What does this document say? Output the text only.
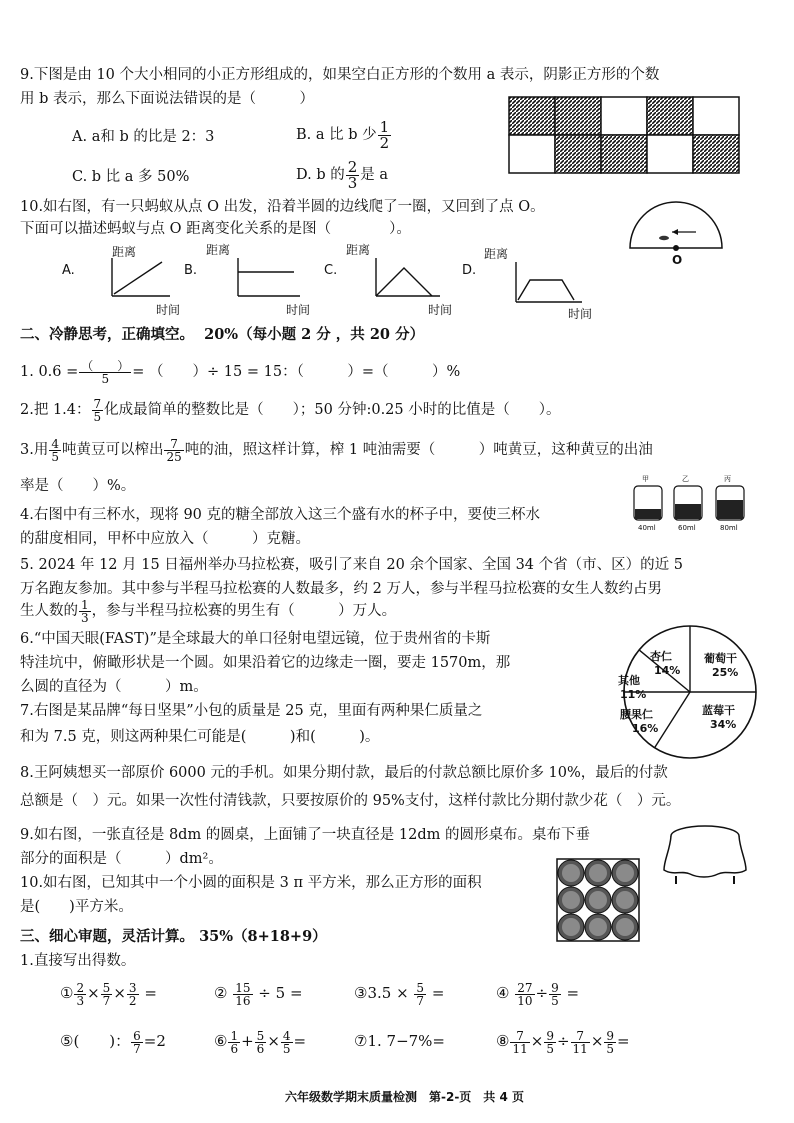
9.下图是由 10 个大小相同的小正方形组成的，如果空白正方形的个数用 a 表示，阴影正方形的个数
用 b 表示，那么下面说法错误的是（　　　）
A. a和 b 的比是 2：3	B. a 比 b 少 $\frac{1}{2}$
C. b 比 a 多 50%	D. b 的 $\frac{2}{3}$ 是 a
10.如右图，有一只蚂蚁从点 O 出发，沿着半圆的边线爬了一圈，又回到了点 O。
下面可以描述蚂蚁与点 O 距离变化关系的是图（　　　　）。
O
A.
距离
时间
B.
距离
时间
C.
距离
时间
D.
距离
时间
二、冷静思考，正确填空。 20%（每小题 2 分 ，共 20 分）
1. $0.6 = \frac{( )}{5}$ = （　　）÷ 15 = 15：（　　　）=（　　　）%
2.把 1.4： $\frac{7}{5}$ 化成最简单的整数比是（　　）；50 分钟:0.25 小时的比值是（　　）。
3.用 $\frac{4}{5}$ 吨黄豆可以榨出 $\frac{7}{25}$ 吨的油，照这样计算，榨 1 吨油需要（　　　）吨黄豆，这种黄豆的出油
率是（　　）%。	甲	乙	丙
40ml	60ml	80ml
4.右图中有三杯水，现将 90 克的糖全部放入这三个盛有水的杯子中，要使三杯水
的甜度相同，甲杯中应放入（　　　）克糖。
5. 2024 年 12 月 15 日福州举办马拉松赛，吸引了来自 20 余个国家、全国 34 个省（市、区）的近 5
万名跑友参加。其中参与半程马拉松赛的人数最多，约 2 万人，参与半程马拉松赛的女生人数约占男
生人数的 $\frac{1}{3}$ ，参与半程马拉松赛的男生有（　　　）万人。
6.“中国天眼(FAST)”是全球最大的单口径射电望远镜，位于贵州省的卡斯
特洼坑中，俯瞰形状是一个圆。如果沿着它的边缘走一圈，要走 1570m，那
么圆的直径为（　　　）m。
7.右图是某品牌“每日坚果”小包的质量是 25 克，里面有两种果仁质量之
和为 7.5 克，则这两种果仁可能是(　　　)和(　　　)。
杏仁
14%
葡萄干
25%
蓝莓干
34%
腰果仁
16%
其他
11%
8.王阿姨想买一部原价 6000 元的手机。如果分期付款，最后的付款总额比原价多 10%，最后的付款
总额是（　）元。如果一次性付清钱款，只要按原价的 95%支付，这样付款比分期付款少花（　）元。
9.如右图，一张直径是 8dm 的圆桌，上面铺了一块直径是 12dm 的圆形桌布。桌布下垂
部分的面积是（　　　）dm²。
10.如右图，已知其中一个小圆的面积是 3 π 平方米，那么正方形的面积
是(　　)平方米。
三、细心审题，灵活计算。 35%（8+18+9）
1.直接写出得数。
① $\frac{2}{3} \times \frac{5}{7} \times \frac{3}{2}$ =	② $\frac{15}{16} \div 5$ =	③3.5 × $\frac{5}{7}$ =	④ $\frac{27}{10} \div \frac{9}{5}$ =
⑤(　　)： $\frac{6}{7} =2$	⑥ $\frac{1}{6} + \frac{5}{6} \times \frac{4}{5}$ =	⑦1. 7−7%=	⑧ $\frac{7}{11} \times \frac{9}{5} \div \frac{7}{11} \times \frac{9}{5}$ =
六年级数学期末质量检测　第-2-页　共 4 页
